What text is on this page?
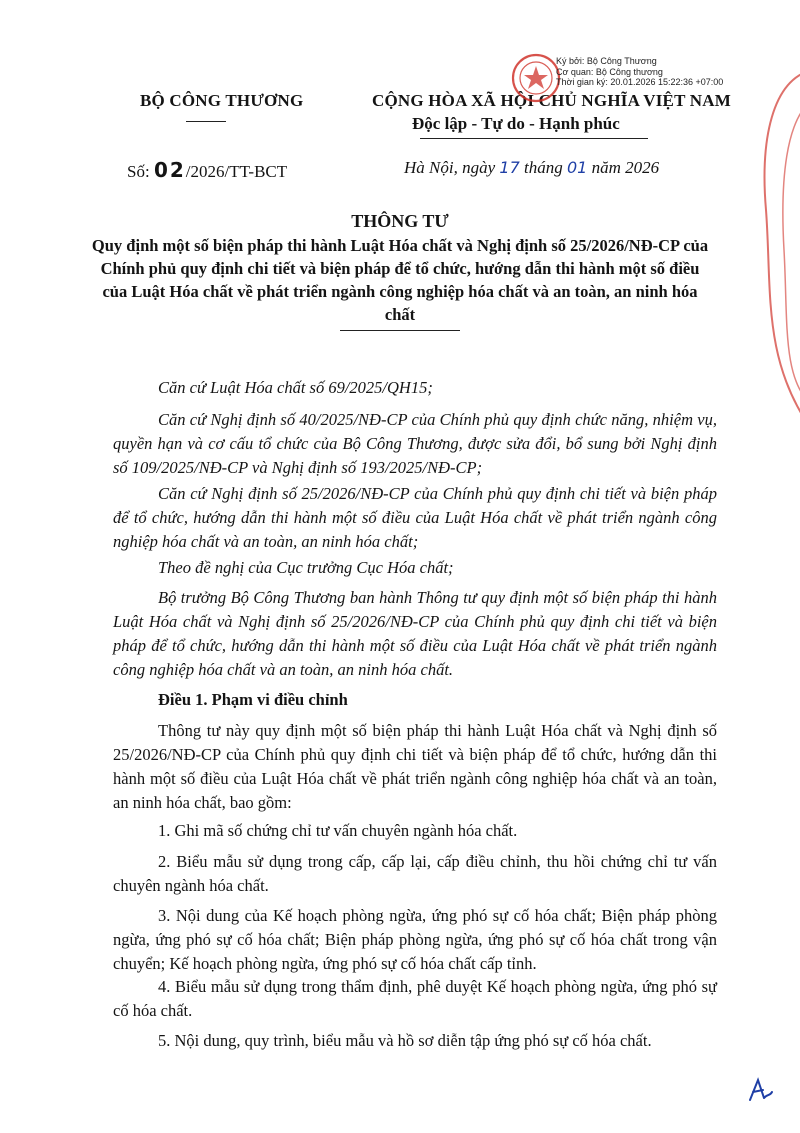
BỘ CÔNG THƯƠNG	CỘNG HÒA XÃ HỘI CHỦ NGHĨA VIỆT NAM
Độc lập - Tự do - Hạnh phúc
Ký bởi: Bộ Công Thương
Cơ quan: Bộ Công thương
Thời gian ký: 20.01.2026 15:22:36 +07:00
Số: 02/2026/TT-BCT	Hà Nội, ngày 17 tháng 01 năm 2026
THÔNG TƯ
Quy định một số biện pháp thi hành Luật Hóa chất và Nghị định số 25/2026/NĐ-CP của Chính phủ quy định chi tiết và biện pháp để tổ chức, hướng dẫn thi hành một số điều của Luật Hóa chất về phát triển ngành công nghiệp hóa chất và an toàn, an ninh hóa chất
Căn cứ Luật Hóa chất số 69/2025/QH15;
Căn cứ Nghị định số 40/2025/NĐ-CP của Chính phủ quy định chức năng, nhiệm vụ, quyền hạn và cơ cấu tổ chức của Bộ Công Thương, được sửa đổi, bổ sung bởi Nghị định số 109/2025/NĐ-CP và Nghị định số 193/2025/NĐ-CP;
Căn cứ Nghị định số 25/2026/NĐ-CP của Chính phủ quy định chi tiết và biện pháp để tổ chức, hướng dẫn thi hành một số điều của Luật Hóa chất về phát triển ngành công nghiệp hóa chất và an toàn, an ninh hóa chất;
Theo đề nghị của Cục trưởng Cục Hóa chất;
Bộ trưởng Bộ Công Thương ban hành Thông tư quy định một số biện pháp thi hành Luật Hóa chất và Nghị định số 25/2026/NĐ-CP của Chính phủ quy định chi tiết và biện pháp để tổ chức, hướng dẫn thi hành một số điều của Luật Hóa chất về phát triển ngành công nghiệp hóa chất và an toàn, an ninh hóa chất.
Điều 1. Phạm vi điều chỉnh
Thông tư này quy định một số biện pháp thi hành Luật Hóa chất và Nghị định số 25/2026/NĐ-CP của Chính phủ quy định chi tiết và biện pháp để tổ chức, hướng dẫn thi hành một số điều của Luật Hóa chất về phát triển ngành công nghiệp hóa chất và an toàn, an ninh hóa chất, bao gồm:
1. Ghi mã số chứng chỉ tư vấn chuyên ngành hóa chất.
2. Biểu mẫu sử dụng trong cấp, cấp lại, cấp điều chỉnh, thu hồi chứng chỉ tư vấn chuyên ngành hóa chất.
3. Nội dung của Kế hoạch phòng ngừa, ứng phó sự cố hóa chất; Biện pháp phòng ngừa, ứng phó sự cố hóa chất; Biện pháp phòng ngừa, ứng phó sự cố hóa chất trong vận chuyển; Kế hoạch phòng ngừa, ứng phó sự cố hóa chất cấp tỉnh.
4. Biểu mẫu sử dụng trong thẩm định, phê duyệt Kế hoạch phòng ngừa, ứng phó sự cố hóa chất.
5. Nội dung, quy trình, biểu mẫu và hồ sơ diễn tập ứng phó sự cố hóa chất.
